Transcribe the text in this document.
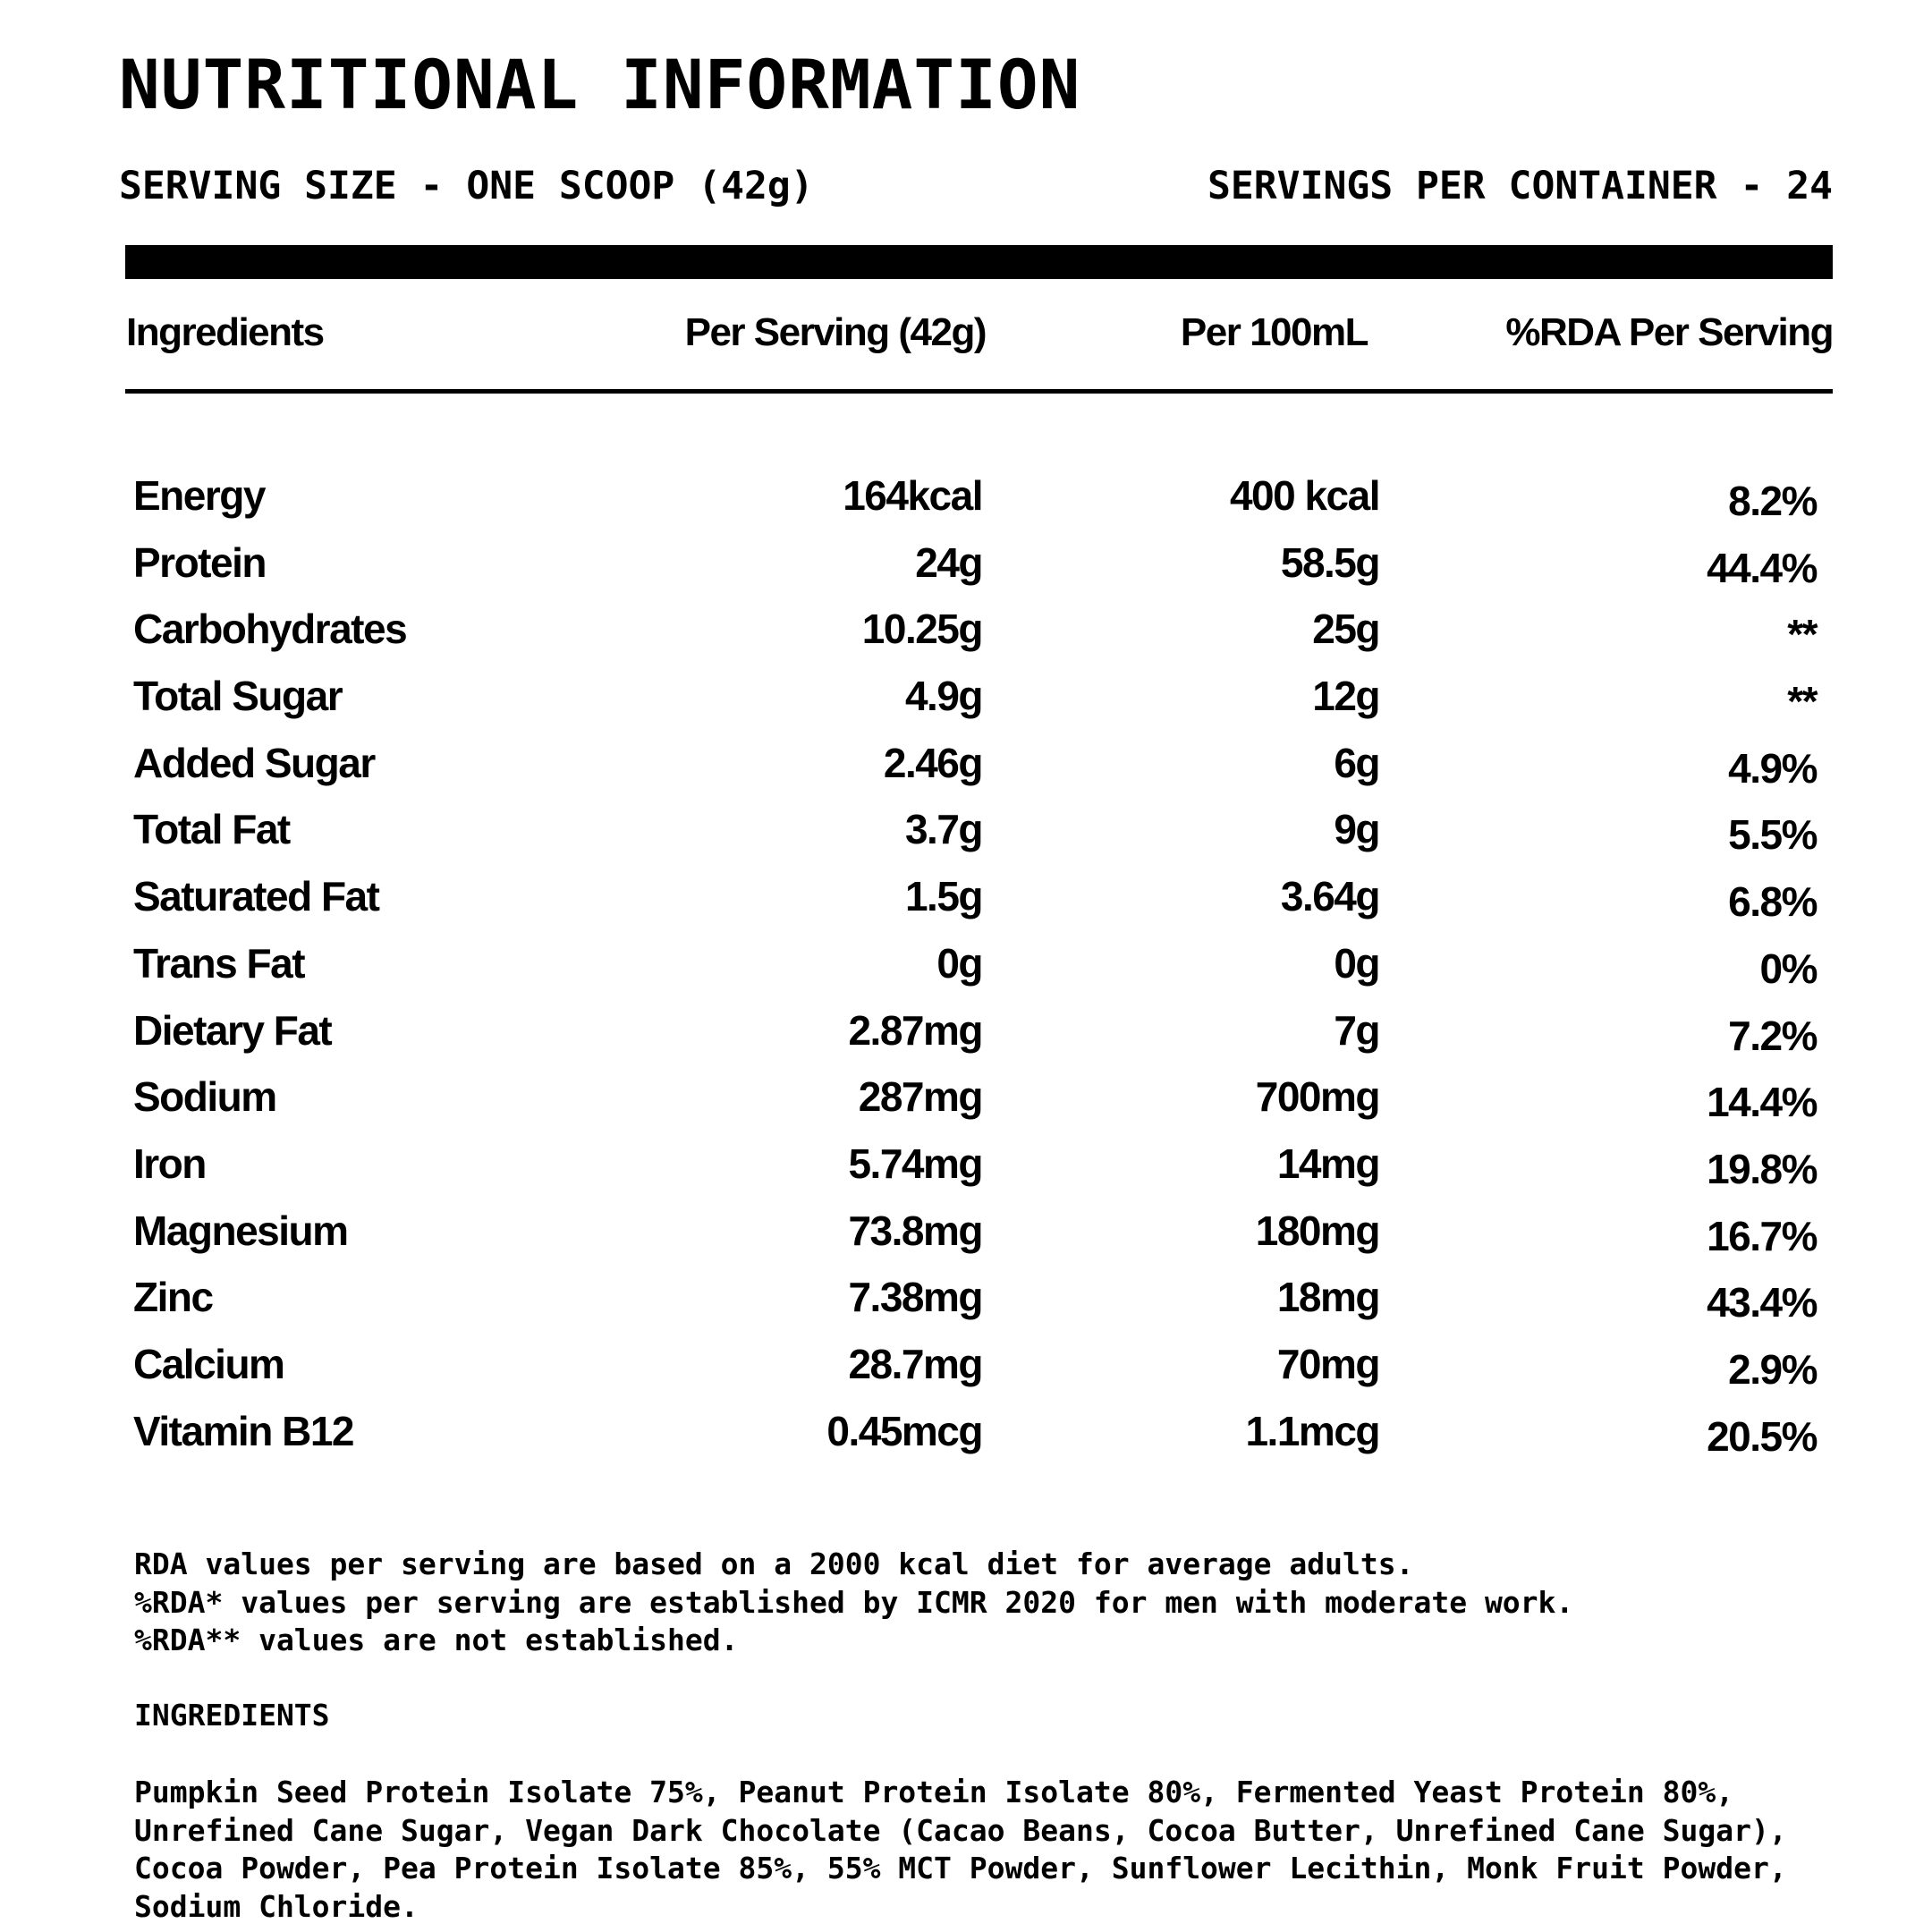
NUTRITIONAL INFORMATION
SERVING SIZE - ONE SCOOP (42g)	SERVINGS PER CONTAINER - 24
Ingredients	Per Serving (42g)	Per 100mL	%RDA Per Serving
Energy	164kcal	400 kcal	8.2%
Protein	24g	58.5g	44.4%
Carbohydrates	10.25g	25g	**
Total Sugar	4.9g	12g	**
Added Sugar	2.46g	6g	4.9%
Total Fat	3.7g	9g	5.5%
Saturated Fat	1.5g	3.64g	6.8%
Trans Fat	0g	0g	0%
Dietary Fat	2.87mg	7g	7.2%
Sodium	287mg	700mg	14.4%
Iron	5.74mg	14mg	19.8%
Magnesium	73.8mg	180mg	16.7%
Zinc	7.38mg	18mg	43.4%
Calcium	28.7mg	70mg	2.9%
Vitamin B12	0.45mcg	1.1mcg	20.5%
RDA values per serving are based on a 2000 kcal diet for average adults.
%RDA* values per serving are established by ICMR 2020 for men with moderate work.
%RDA** values are not established.
INGREDIENTS
Pumpkin Seed Protein Isolate 75%, Peanut Protein Isolate 80%, Fermented Yeast Protein 80%,
Unrefined Cane Sugar, Vegan Dark Chocolate (Cacao Beans, Cocoa Butter, Unrefined Cane Sugar),
Cocoa Powder, Pea Protein Isolate 85%, 55% MCT Powder, Sunflower Lecithin, Monk Fruit Powder,
Sodium Chloride.
